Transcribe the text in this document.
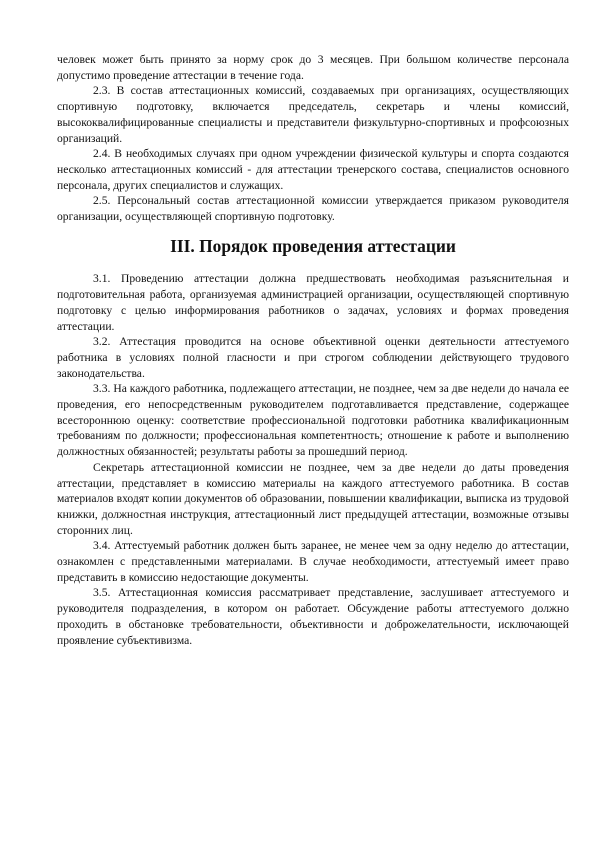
человек может быть принято за норму срок до 3 месяцев. При большом количестве персонала допустимо проведение аттестации в течение года.

2.3. В состав аттестационных комиссий, создаваемых при организациях, осуществляющих спортивную подготовку, включается председатель, секретарь и члены комиссий, высококвалифицированные специалисты и представители физкультурно-спортивных и профсоюзных организаций.

2.4. В необходимых случаях при одном учреждении физической культуры и спорта создаются несколько аттестационных комиссий - для аттестации тренерского состава, специалистов основного персонала, других специалистов и служащих.

2.5. Персональный состав аттестационной комиссии утверждается приказом руководителя организации, осуществляющей спортивную подготовку.

III. Порядок проведения аттестации

3.1. Проведению аттестации должна предшествовать необходимая разъяснительная и подготовительная работа, организуемая администрацией организации, осуществляющей спортивную подготовку с целью информирования работников о задачах, условиях и формах проведения аттестации.

3.2. Аттестация проводится на основе объективной оценки деятельности аттестуемого работника в условиях полной гласности и при строгом соблюдении действующего трудового законодательства.

3.3. На каждого работника, подлежащего аттестации, не позднее, чем за две недели до начала ее проведения, его непосредственным руководителем подготавливается представление, содержащее всестороннюю оценку: соответствие профессиональной подготовки работника квалификационным требованиям по должности; профессиональная компетентность; отношение к работе и выполнению должностных обязанностей; результаты работы за прошедший период.

Секретарь аттестационной комиссии не позднее, чем за две недели до даты проведения аттестации, представляет в комиссию материалы на каждого аттестуемого работника. В состав материалов входят копии документов об образовании, повышении квалификации, выписка из трудовой книжки, должностная инструкция, аттестационный лист предыдущей аттестации, возможные отзывы сторонних лиц.

3.4. Аттестуемый работник должен быть заранее, не менее чем за одну неделю до аттестации, ознакомлен с представленными материалами. В случае необходимости, аттестуемый имеет право представить в комиссию недостающие документы.

3.5. Аттестационная комиссия рассматривает представление, заслушивает аттестуемого и руководителя подразделения, в котором он работает. Обсуждение работы аттестуемого должно проходить в обстановке требовательности, объективности и доброжелательности, исключающей проявление субъективизма.
